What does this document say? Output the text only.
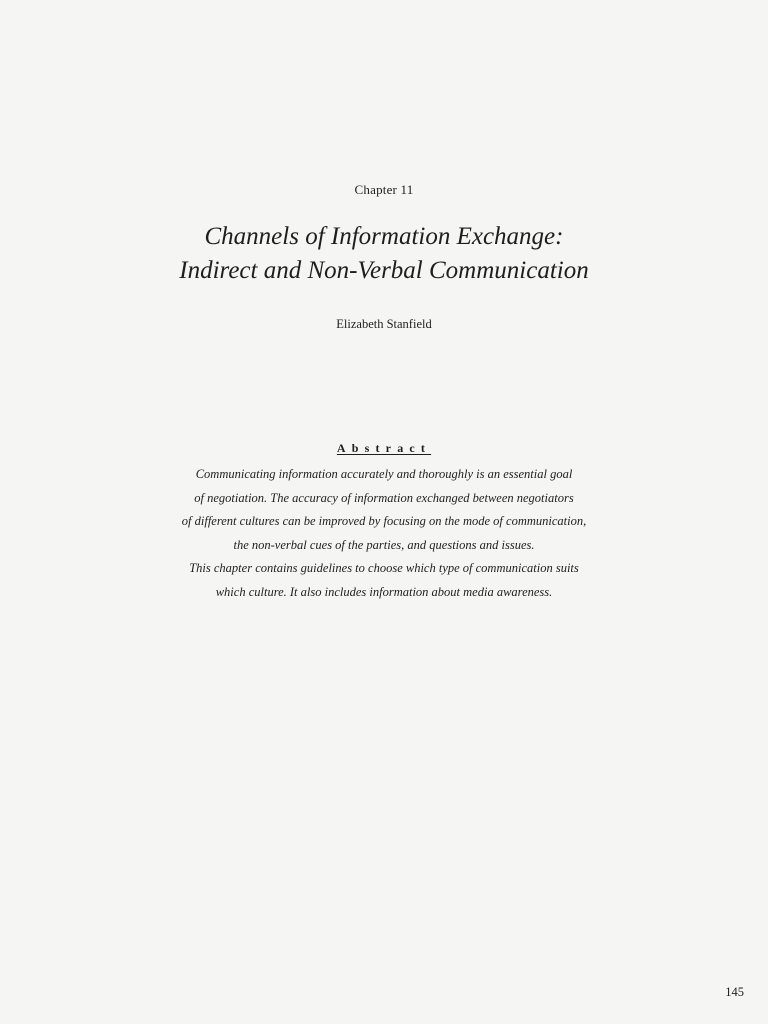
Chapter 11
Channels of Information Exchange:
Indirect and Non-Verbal Communication
Elizabeth Stanfield
Abstract
Communicating information accurately and thoroughly is an essential goal
of negotiation. The accuracy of information exchanged between negotiators
of different cultures can be improved by focusing on the mode of communication,
the non-verbal cues of the parties, and questions and issues.
This chapter contains guidelines to choose which type of communication suits
which culture. It also includes information about media awareness.
145
